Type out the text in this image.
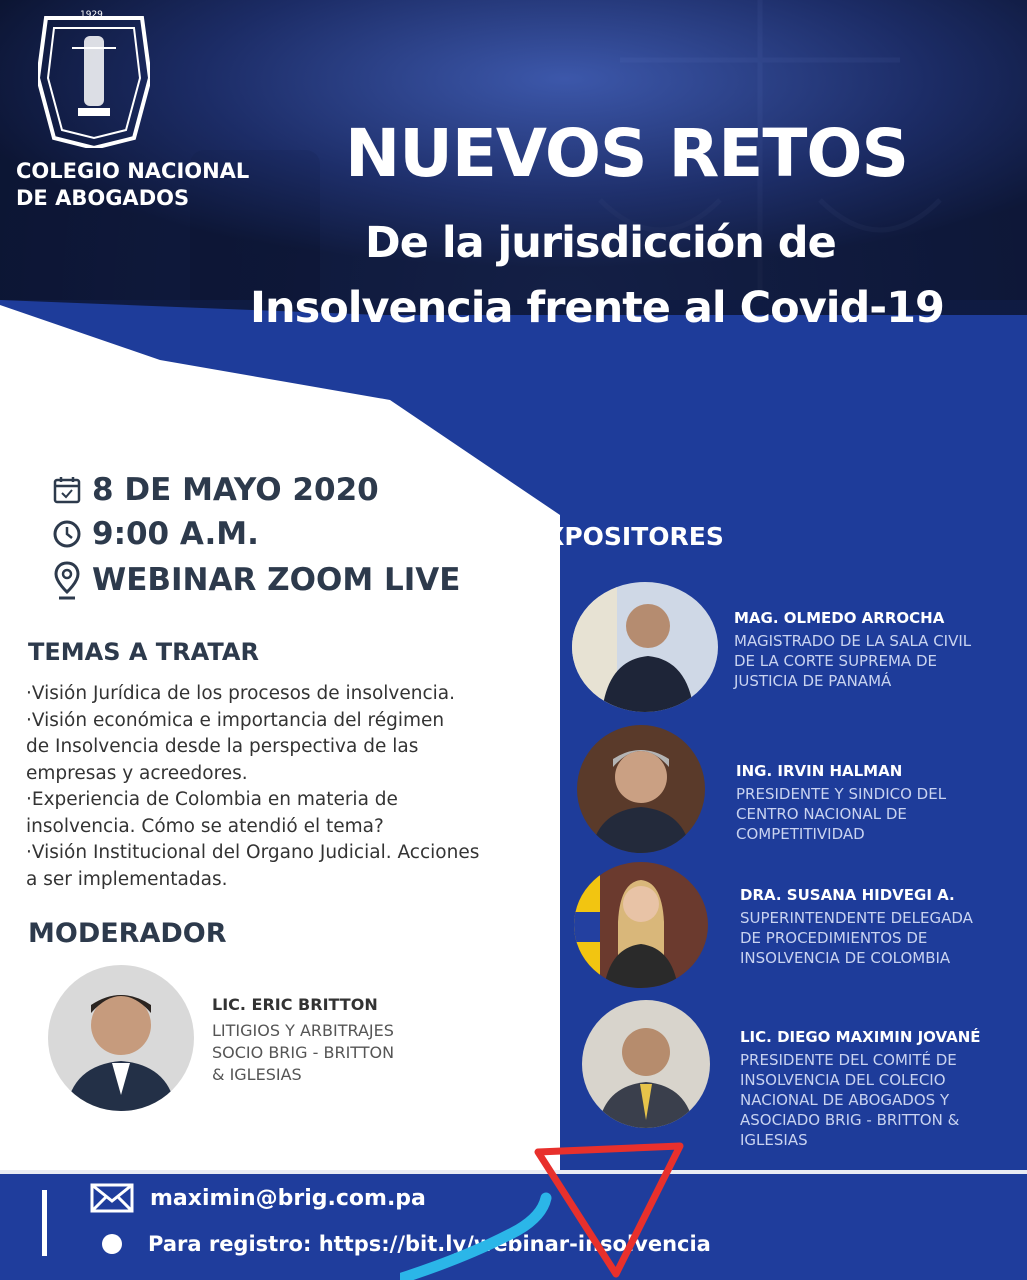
1929
COLEGIO NACIONAL
DE ABOGADOS
NUEVOS RETOS
De la jurisdicción de
Insolvencia frente al Covid-19
8 DE MAYO 2020
9:00 A.M.
WEBINAR ZOOM LIVE
TEMAS A TRATAR
·Visión Jurídica de los procesos de insolvencia.
·Visión económica e importancia del régimen
de Insolvencia desde la perspectiva de las
empresas y acreedores.
·Experiencia de Colombia en materia de
insolvencia. Cómo se atendió el tema?
·Visión Institucional del Organo Judicial. Acciones
a ser implementadas.
MODERADOR
LIC. ERIC BRITTON
LITIGIOS Y ARBITRAJES
SOCIO BRIG - BRITTON
& IGLESIAS
EXPOSITORES
MAG. OLMEDO ARROCHA
MAGISTRADO DE LA SALA CIVIL
DE LA CORTE SUPREMA DE
JUSTICIA DE PANAMÁ
ING. IRVIN HALMAN
PRESIDENTE Y SINDICO DEL
CENTRO NACIONAL DE
COMPETITIVIDAD
DRA. SUSANA HIDVEGI A.
SUPERINTENDENTE DELEGADA
DE PROCEDIMIENTOS DE
INSOLVENCIA DE COLOMBIA
LIC. DIEGO MAXIMIN JOVANÉ
PRESIDENTE DEL COMITÉ DE
INSOLVENCIA DEL COLECIO
NACIONAL DE ABOGADOS Y
ASOCIADO BRIG - BRITTON &
IGLESIAS
maximin@brig.com.pa
Para registro: https://bit.ly/webinar-insolvencia
